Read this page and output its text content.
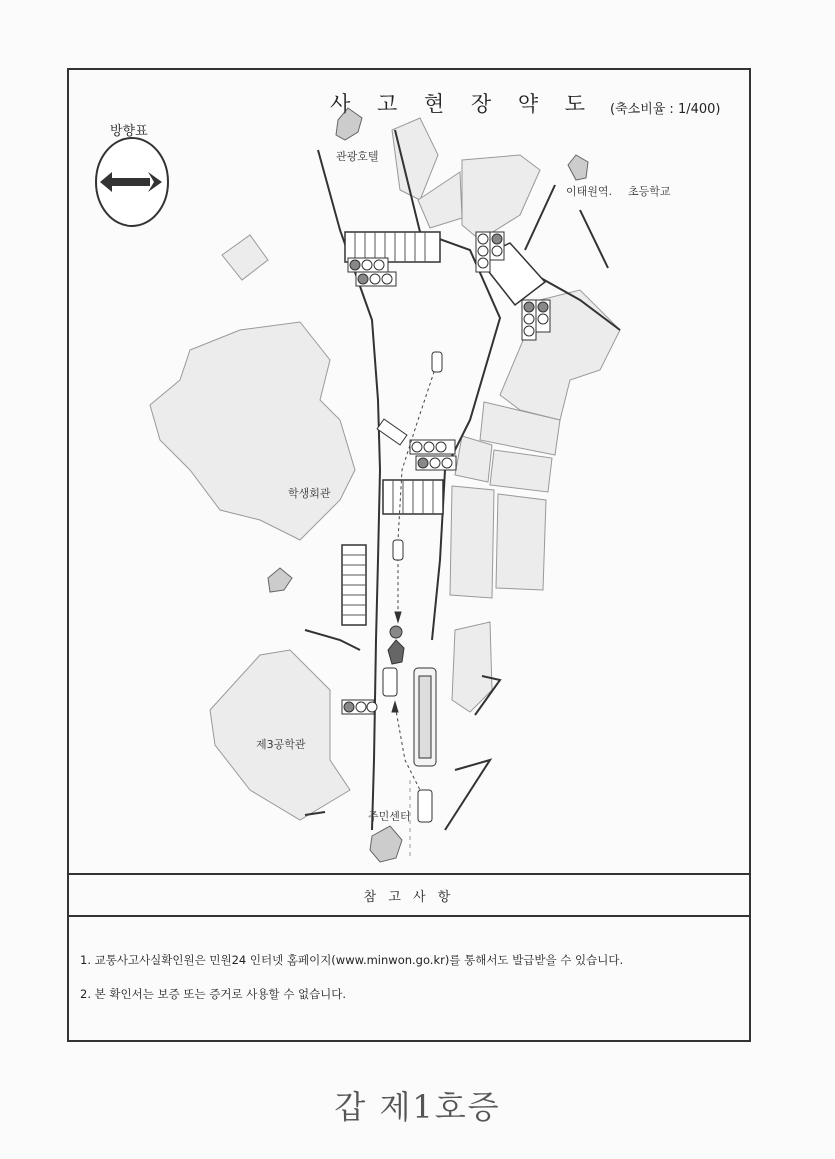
사 고 현 장 약 도 (축소비율 : 1/400)
방향표
관광호텔
이태원역. 초등학교
학생회관
제3공학관
주민센터
참 고 사 항
1. 교통사고사실확인원은 민원24 인터넷 홈페이지(www.minwon.go.kr)를 통해서도 발급받을 수 있습니다.
2. 본 확인서는 보증 또는 증거로 사용할 수 없습니다.
갑 제1호증
